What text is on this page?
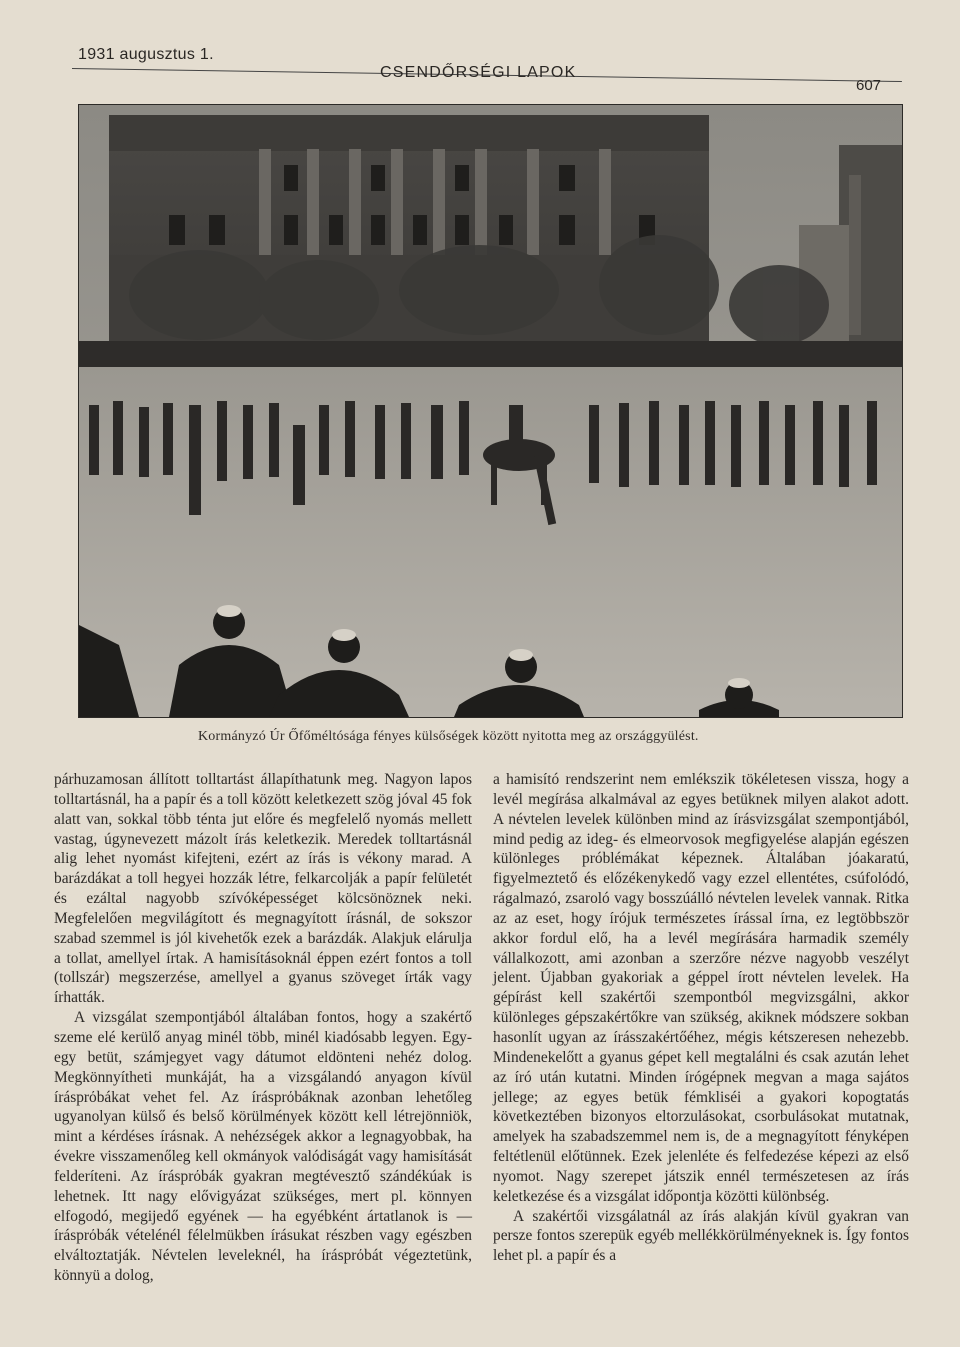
1931 augusztus 1.
CSENDŐRSÉGI LAPOK
607
Kormányzó Úr Őfőméltósága fényes külsőségek között nyitotta meg az országgyülést.

párhuzamosan állított tolltartást állapíthatunk meg. Nagyon lapos tolltartásnál, ha a papír és a toll között keletkezett szög jóval 45 fok alatt van, sokkal több ténta jut előre és megfelelő nyomás mellett vastag, úgynevezett mázolt írás keletkezik. Meredek tolltartásnál alig lehet nyomást kifejteni, ezért az írás is vékony marad. A barázdákat a toll hegyei hozzák létre, felkarcolják a papír felületét és ezáltal nagyobb szívóképességet kölcsönöznek neki. Megfelelően megvilágított és megnagyított írásnál, de sokszor szabad szemmel is jól kivehetők ezek a barázdák. Alakjuk elárulja a tollat, amellyel írtak. A hamisításoknál éppen ezért fontos a toll (tollszár) megszerzése, amellyel a gyanus szöveget írták vagy írhatták.

A vizsgálat szempontjából általában fontos, hogy a szakértő szeme elé kerülő anyag minél több, minél kiadósabb legyen. Egy-egy betüt, számjegyet vagy dátumot eldönteni nehéz dolog. Megkönnyítheti munkáját, ha a vizsgálandó anyagon kívül írásprόbákat vehet fel. Az írásprόbáknak azonban lehetőleg ugyanolyan külső és belső körülmények között kell létrejönniök, mint a kérdéses írásnak. A nehézségek akkor a legnagyobbak, ha évekre visszamenőleg kell okmányok valódiságát vagy hamisítását felderíteni. Az írásprόbák gyakran megtévesztő szándékúak is lehetnek. Itt nagy elővigyázat szükséges, mert pl. könnyen elfogodó, megijedő egyének — ha egyébként ártatlanok is — írásprόbák vételénél félelmükben írásukat részben vagy egészben elváltoztatják. Névtelen leveleknél, ha írásprόbát végeztetünk, könnyü a dolog,

a hamisító rendszerint nem emlékszik tökéletesen vissza, hogy a levél megírása alkalmával az egyes betüknek milyen alakot adott. A névtelen levelek különben mind az írásvizsgálat szempontjából, mind pedig az ideg- és elmeorvosok megfigyelése alapján egészen különleges próblémákat képeznek. Általában jóakaratú, figyelmeztető és előzékenykedő vagy ezzel ellentétes, csúfolódó, rágalmazó, zsaroló vagy bosszúálló névtelen levelek vannak. Ritka az az eset, hogy írójuk természetes írással írna, ez legtöbbször akkor fordul elő, ha a levél megírására harmadik személy vállalkozott, ami azonban a szerzőre nézve nagyobb veszélyt jelent. Újabban gyakoriak a géppel írott névtelen levelek. Ha gépírást kell szakértői szempontból megvizsgálni, akkor különleges gépszakértőkre van szükség, akiknek módszere sokban hasonlít ugyan az írásszakértőéhez, mégis kétszeresen nehezebb. Mindenekelőtt a gyanus gépet kell megtalálni és csak azután lehet az író után kutatni. Minden írógépnek megvan a maga sajátos jellege; az egyes betük fémkliséi a gyakori kopogtatás következtében bizonyos eltorzulásokat, csorbulásokat mutatnak, amelyek ha szabadszemmel nem is, de a megnagyított fényképen feltétlenül előtünnek. Ezek jelenléte és felfedezése képezi az első nyomot. Nagy szerepet játszik ennél természetesen az írás keletkezése és a vizsgálat időpontja közötti különbség.

A szakértői vizsgálatnál az írás alakján kívül gyakran van persze fontos szerepük egyéb mellékkörülményeknek is. Így fontos lehet pl. a papír és a
